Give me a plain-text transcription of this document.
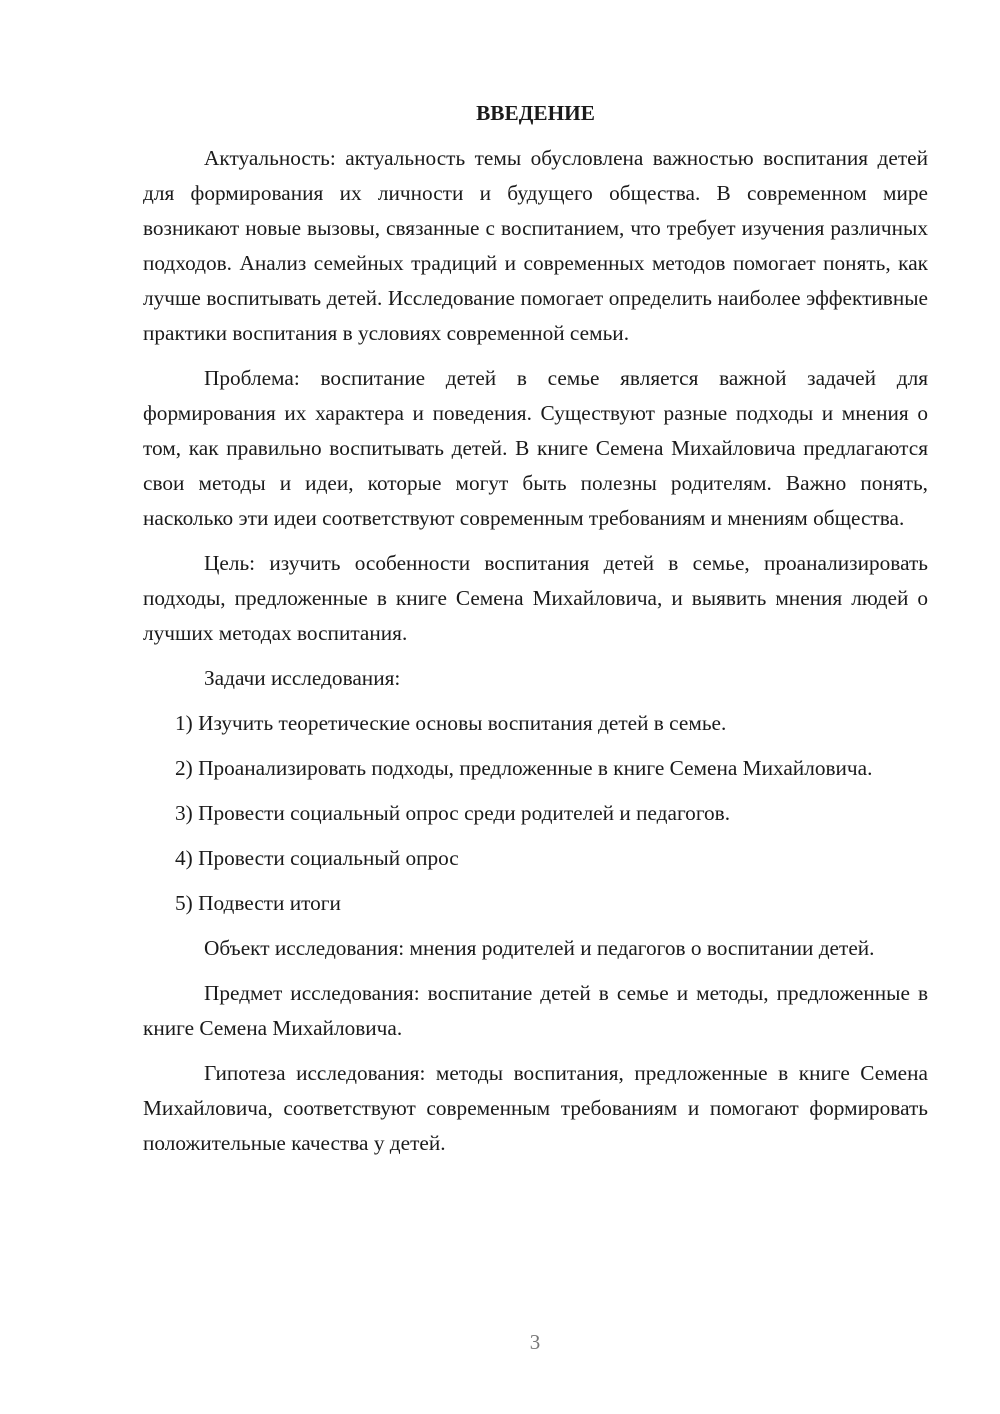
ВВЕДЕНИЕ
Актуальность: актуальность темы обусловлена важностью воспитания детей для формирования их личности и будущего общества. В современном мире возникают новые вызовы, связанные с воспитанием, что требует изучения различных подходов. Анализ семейных традиций и современных методов помогает понять, как лучше воспитывать детей. Исследование помогает определить наиболее эффективные практики воспитания в условиях современной семьи.
Проблема: воспитание детей в семье является важной задачей для формирования их характера и поведения. Существуют разные подходы и мнения о том, как правильно воспитывать детей. В книге Семена Михайловича предлагаются свои методы и идеи, которые могут быть полезны родителям. Важно понять, насколько эти идеи соответствуют современным требованиям и мнениям общества.
Цель: изучить особенности воспитания детей в семье, проанализировать подходы, предложенные в книге Семена Михайловича, и выявить мнения людей о лучших методах воспитания.
Задачи исследования:
1) Изучить теоретические основы воспитания детей в семье.
2) Проанализировать подходы, предложенные в книге Семена Михайловича.
3) Провести социальный опрос среди родителей и педагогов.
4) Провести социальный опрос
5) Подвести итоги
Объект исследования: мнения родителей и педагогов о воспитании детей.
Предмет исследования: воспитание детей в семье и методы, предложенные в книге Семена Михайловича.
Гипотеза исследования: методы воспитания, предложенные в книге Семена Михайловича, соответствуют современным требованиям и помогают формировать положительные качества у детей.
3
